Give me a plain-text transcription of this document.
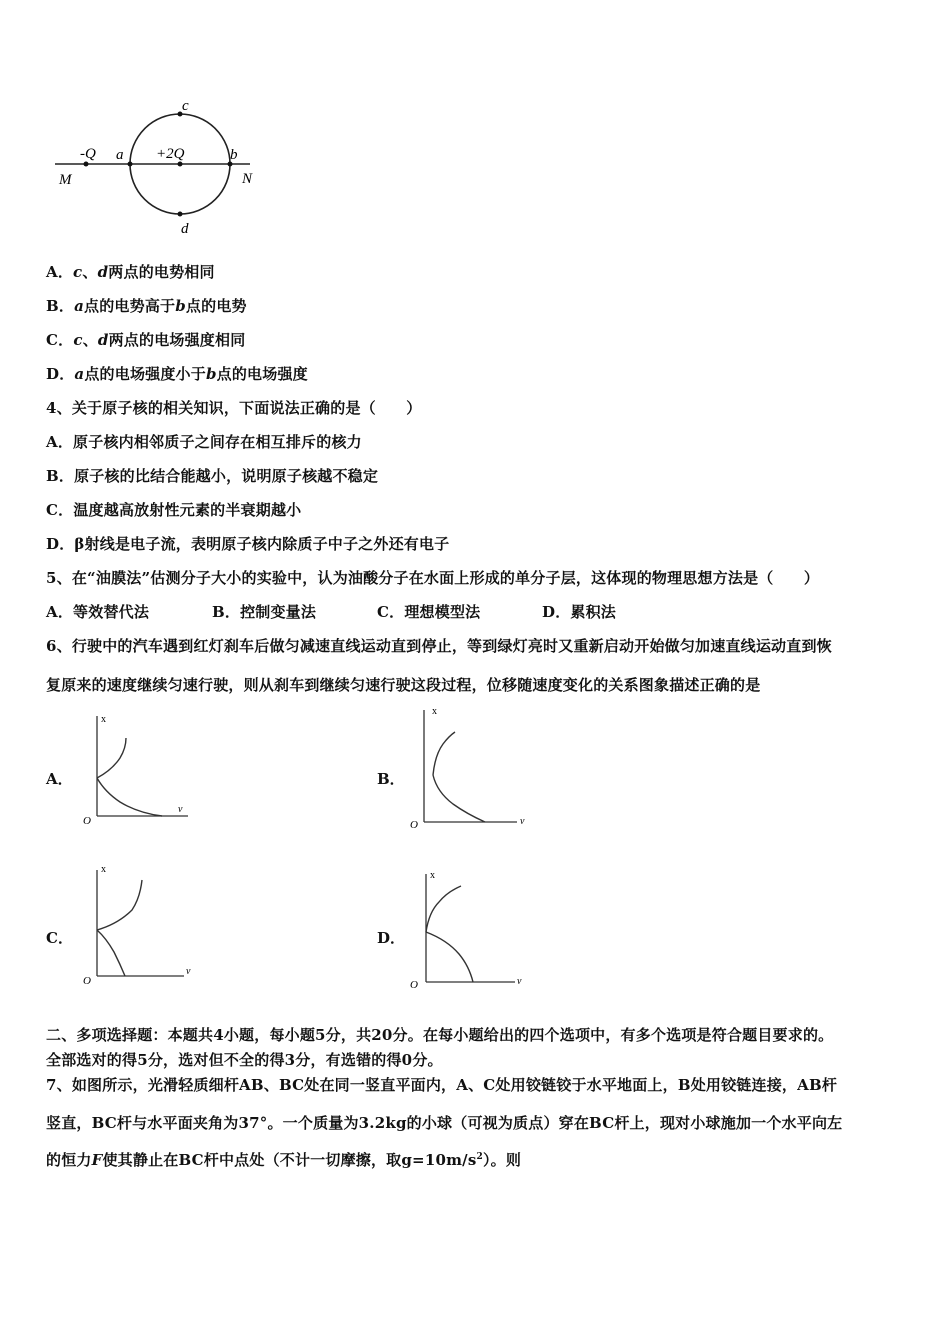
c
d
a	b
M	N
-Q	+2Q
A．c、d两点的电势相同
B．a点的电势高于b点的电势
C．c、d两点的电场强度相同
D．a点的电场强度小于b点的电场强度
4、关于原子核的相关知识，下面说法正确的是（　　）
A．原子核内相邻质子之间存在相互排斥的核力
B．原子核的比结合能越小，说明原子核越不稳定
C．温度越高放射性元素的半衰期越小
D．β射线是电子流，表明原子核内除质子中子之外还有电子
5、在“油膜法”估测分子大小的实验中，认为油酸分子在水面上形成的单分子层，这体现的物理思想方法是（　　）
A．等效替代法	B．控制变量法	C．理想模型法	D．累积法
6、行驶中的汽车遇到红灯刹车后做匀减速直线运动直到停止，等到绿灯亮时又重新启动开始做匀加速直线运动直到恢
复原来的速度继续匀速行驶，则从刹车到继续匀速行驶这段过程，位移随速度变化的关系图象描述正确的是
A．	B．
C．	D．
x
v
O
x
v
O
x
v
O
x
v
O
二、多项选择题：本题共4小题，每小题5分，共20分。在每小题给出的四个选项中，有多个选项是符合题目要求的。
全部选对的得5分，选对但不全的得3分，有选错的得0分。
7、如图所示，光滑轻质细杆AB、BC处在同一竖直平面内，A、C处用铰链铰于水平地面上，B处用铰链连接，AB杆
竖直，BC杆与水平面夹角为37°。一个质量为3.2kg的小球（可视为质点）穿在BC杆上，现对小球施加一个水平向左
的恒力F使其静止在BC杆中点处（不计一切摩擦，取$g=10m/s^2$）。则
